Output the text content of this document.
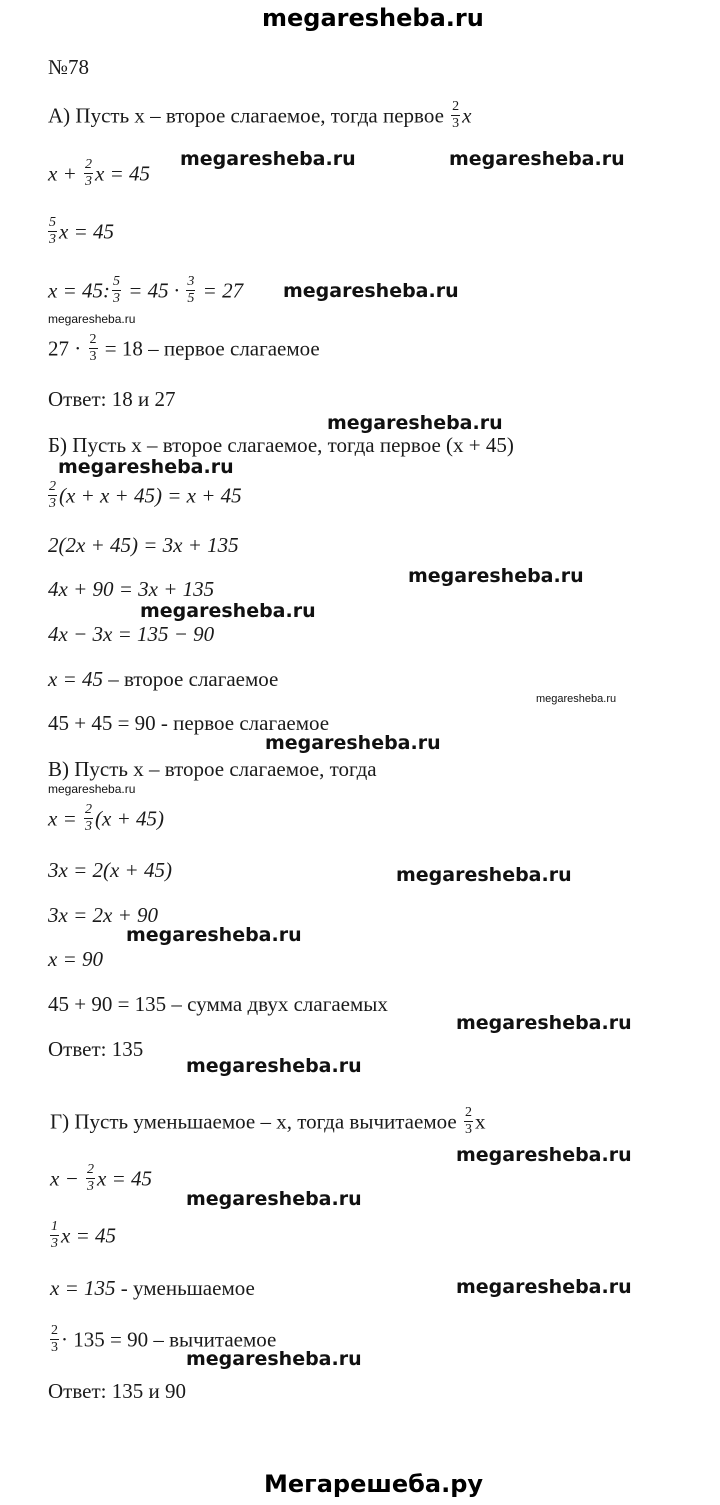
megaresheba.ru
№78
А) Пусть х – второе слагаемое, тогда первое $\frac{2}{3}$ x
$x + \frac{2}{3}$ x = 45
$\frac{5}{3}$ x = 45
x = 45: $\frac{5}{3} = 45 \cdot \frac{3}{5} = 27$
$27 \cdot \frac{2}{3} = 18$ – первое слагаемое
Ответ: 18 и 27
Б) Пусть х – второе слагаемое, тогда первое (x + 45)
$\frac{2}{3} (x + x + 45) = x + 45$
2(2x + 45) = 3x + 135
4x + 90 = 3x + 135
4x − 3x = 135 − 90
x = 45 – второе слагаемое
45 + 45 = 90 - первое слагаемое
В) Пусть х – второе слагаемое, тогда
$x = \frac{2}{3} (x + 45)$
3x = 2(x + 45)
3x = 2x + 90
x = 90
45 + 90 = 135 – сумма двух слагаемых
Ответ: 135
Г) Пусть уменьшаемое – х, тогда вычитаемое $\frac{2}{3}$ х
$x - \frac{2}{3}$ x = 45
$\frac{1}{3}$ x = 45
x = 135 - уменьшаемое
$\frac{2}{3} \cdot 135 = 90$ – вычитаемое
Ответ: 135 и 90
megaresheba.ru	megaresheba.ru
megaresheba.ru
megaresheba.ru
megaresheba.ru
megaresheba.ru
megaresheba.ru
megaresheba.ru
megaresheba.ru
megaresheba.ru
megaresheba.ru
megaresheba.ru
megaresheba.ru
megaresheba.ru
megaresheba.ru
megaresheba.ru
megaresheba.ru
megaresheba.ru
megaresheba.ru
Мегарешеба.ру
